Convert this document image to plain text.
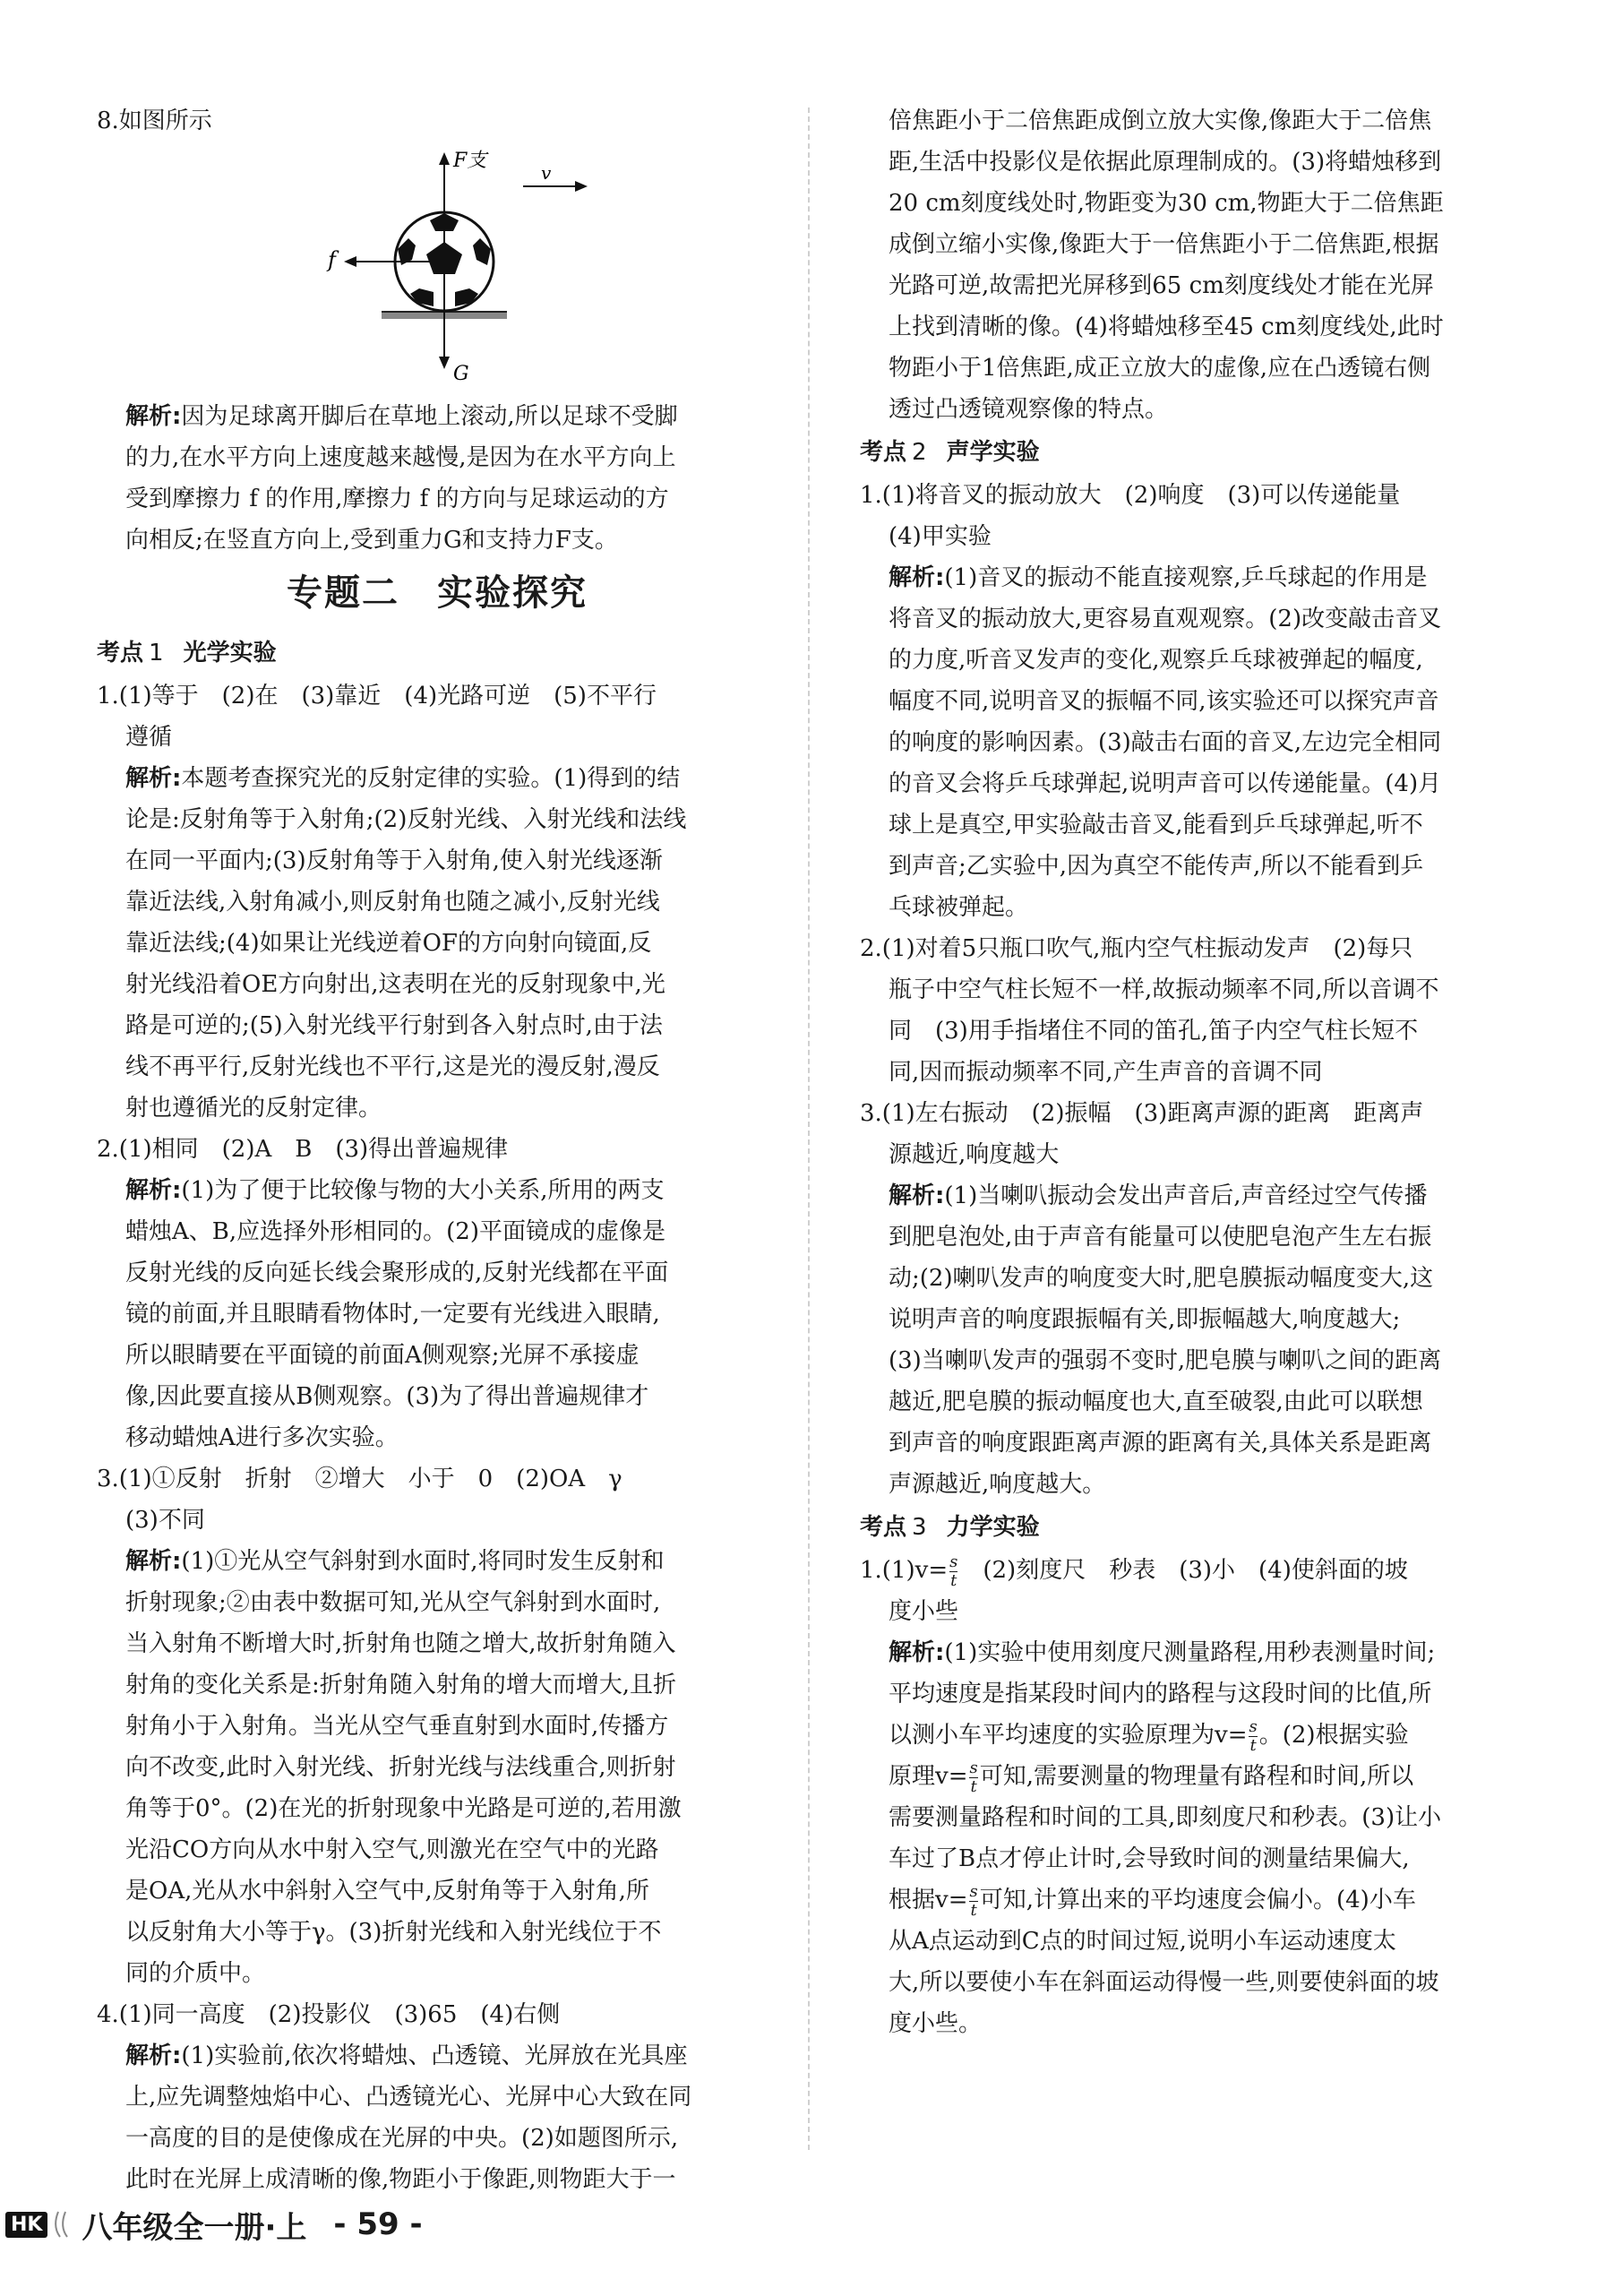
8.如图所示

F支
v
f
G

解析:因为足球离开脚后在草地上滚动,所以足球不受脚

的力,在水平方向上速度越来越慢,是因为在水平方向上

受到摩擦力 f 的作用,摩擦力 f 的方向与足球运动的方

向相反;在竖直方向上,受到重力G和支持力F支。

专题二　实验探究
考点 1 光学实验

1.(1)等于　(2)在　(3)靠近　(4)光路可逆　(5)不平行

遵循

解析:本题考查探究光的反射定律的实验。(1)得到的结

论是:反射角等于入射角;(2)反射光线、入射光线和法线

在同一平面内;(3)反射角等于入射角,使入射光线逐渐

靠近法线,入射角减小,则反射角也随之减小,反射光线

靠近法线;(4)如果让光线逆着OF的方向射向镜面,反

射光线沿着OE方向射出,这表明在光的反射现象中,光

路是可逆的;(5)入射光线平行射到各入射点时,由于法

线不再平行,反射光线也不平行,这是光的漫反射,漫反

射也遵循光的反射定律。

2.(1)相同　(2)A　B　(3)得出普遍规律

解析:(1)为了便于比较像与物的大小关系,所用的两支

蜡烛A、B,应选择外形相同的。(2)平面镜成的虚像是

反射光线的反向延长线会聚形成的,反射光线都在平面

镜的前面,并且眼睛看物体时,一定要有光线进入眼睛,

所以眼睛要在平面镜的前面A侧观察;光屏不承接虚

像,因此要直接从B侧观察。(3)为了得出普遍规律才

移动蜡烛A进行多次实验。

3.(1)①反射　折射　②增大　小于　0　(2)OA　γ

(3)不同

解析:(1)①光从空气斜射到水面时,将同时发生反射和

折射现象;②由表中数据可知,光从空气斜射到水面时,

当入射角不断增大时,折射角也随之增大,故折射角随入

射角的变化关系是:折射角随入射角的增大而增大,且折

射角小于入射角。当光从空气垂直射到水面时,传播方

向不改变,此时入射光线、折射光线与法线重合,则折射

角等于0°。(2)在光的折射现象中光路是可逆的,若用激

光沿CO方向从水中射入空气,则激光在空气中的光路

是OA,光从水中斜射入空气中,反射角等于入射角,所

以反射角大小等于γ。(3)折射光线和入射光线位于不

同的介质中。

4.(1)同一高度　(2)投影仪　(3)65　(4)右侧

解析:(1)实验前,依次将蜡烛、凸透镜、光屏放在光具座

上,应先调整烛焰中心、凸透镜光心、光屏中心大致在同

一高度的目的是使像成在光屏的中央。(2)如题图所示,

此时在光屏上成清晰的像,物距小于像距,则物距大于一

倍焦距小于二倍焦距成倒立放大实像,像距大于二倍焦

距,生活中投影仪是依据此原理制成的。(3)将蜡烛移到

20 cm刻度线处时,物距变为30 cm,物距大于二倍焦距

成倒立缩小实像,像距大于一倍焦距小于二倍焦距,根据

光路可逆,故需把光屏移到65 cm刻度线处才能在光屏

上找到清晰的像。(4)将蜡烛移至45 cm刻度线处,此时

物距小于1倍焦距,成正立放大的虚像,应在凸透镜右侧

透过凸透镜观察像的特点。

考点 2 声学实验

1.(1)将音叉的振动放大　(2)响度　(3)可以传递能量

(4)甲实验

解析:(1)音叉的振动不能直接观察,乒乓球起的作用是

将音叉的振动放大,更容易直观观察。(2)改变敲击音叉

的力度,听音叉发声的变化,观察乒乓球被弹起的幅度,

幅度不同,说明音叉的振幅不同,该实验还可以探究声音

的响度的影响因素。(3)敲击右面的音叉,左边完全相同

的音叉会将乒乓球弹起,说明声音可以传递能量。(4)月

球上是真空,甲实验敲击音叉,能看到乒乓球弹起,听不

到声音;乙实验中,因为真空不能传声,所以不能看到乒

乓球被弹起。

2.(1)对着5只瓶口吹气,瓶内空气柱振动发声　(2)每只

瓶子中空气柱长短不一样,故振动频率不同,所以音调不

同　(3)用手指堵住不同的笛孔,笛子内空气柱长短不

同,因而振动频率不同,产生声音的音调不同

3.(1)左右振动　(2)振幅　(3)距离声源的距离　距离声

源越近,响度越大

解析:(1)当喇叭振动会发出声音后,声音经过空气传播

到肥皂泡处,由于声音有能量可以使肥皂泡产生左右振

动;(2)喇叭发声的响度变大时,肥皂膜振动幅度变大,这

说明声音的响度跟振幅有关,即振幅越大,响度越大;

(3)当喇叭发声的强弱不变时,肥皂膜与喇叭之间的距离

越近,肥皂膜的振动幅度也大,直至破裂,由此可以联想

到声音的响度跟距离声源的距离有关,具体关系是距离

声源越近,响度越大。

考点 3 力学实验

$1.(1)v= \frac{s}{t}$ 　(2)刻度尺　秒表　(3)小　(4)使斜面的坡

度小些

解析:(1)实验中使用刻度尺测量路程,用秒表测量时间;

平均速度是指某段时间内的路程与这段时间的比值,所

以测小车平均速度的实验原理为$v= \frac{s}{t}$ 。(2)根据实验

原理$v= \frac{s}{t}$ 可知,需要测量的物理量有路程和时间,所以

需要测量路程和时间的工具,即刻度尺和秒表。(3)让小

车过了B点才停止计时,会导致时间的测量结果偏大,

根据$v= \frac{s}{t}$ 可知,计算出来的平均速度会偏小。(4)小车

从A点运动到C点的时间过短,说明小车运动速度太

大,所以要使小车在斜面运动得慢一些,则要使斜面的坡

度小些。

HK 八年级全一册·上 - 59 -
